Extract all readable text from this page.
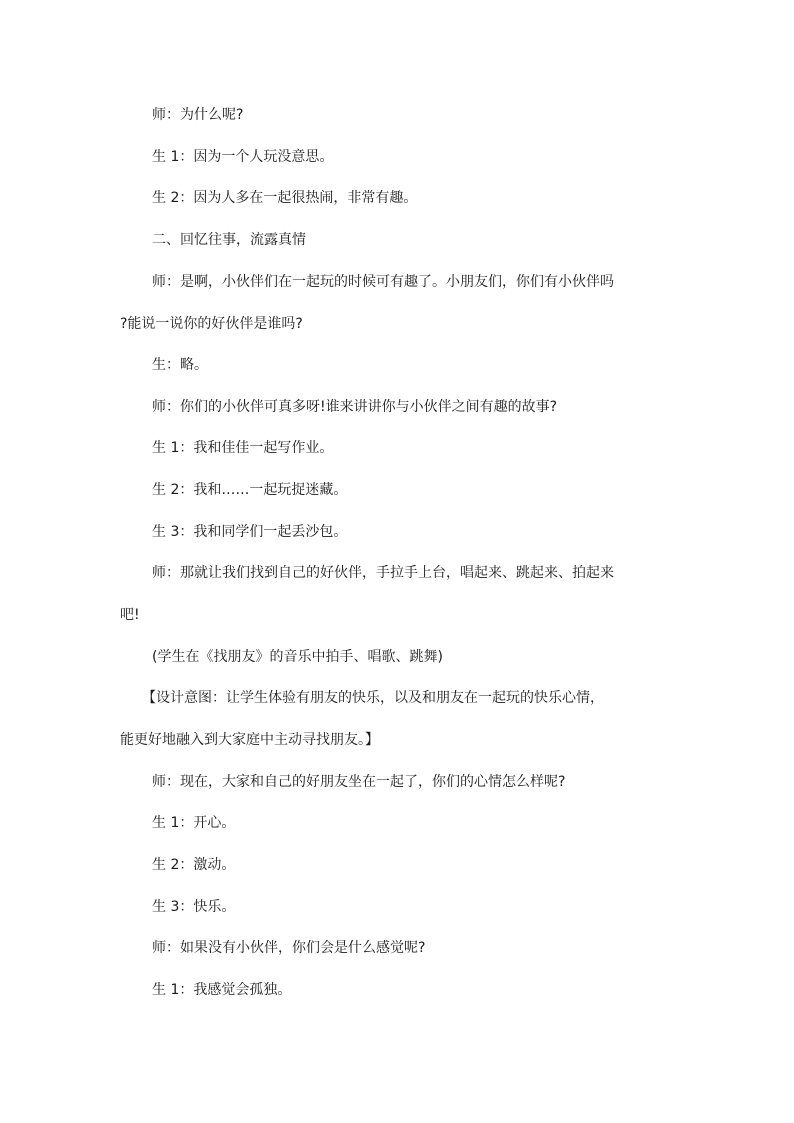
师：为什么呢?
生 1：因为一个人玩没意思。
生 2：因为人多在一起很热闹，非常有趣。
二、回忆往事，流露真情
师：是啊，小伙伴们在一起玩的时候可有趣了。小朋友们，你们有小伙伴吗
?能说一说你的好伙伴是谁吗?
生：略。
师：你们的小伙伴可真多呀!谁来讲讲你与小伙伴之间有趣的故事?
生 1：我和佳佳一起写作业。
生 2：我和……一起玩捉迷藏。
生 3：我和同学们一起丢沙包。
师：那就让我们找到自己的好伙伴，手拉手上台，唱起来、跳起来、拍起来
吧!
(学生在《找朋友》的音乐中拍手、唱歌、跳舞)
【设计意图：让学生体验有朋友的快乐，以及和朋友在一起玩的快乐心情，
能更好地融入到大家庭中主动寻找朋友。】
师：现在，大家和自己的好朋友坐在一起了，你们的心情怎么样呢?
生 1：开心。
生 2：激动。
生 3：快乐。
师：如果没有小伙伴，你们会是什么感觉呢?
生 1：我感觉会孤独。
